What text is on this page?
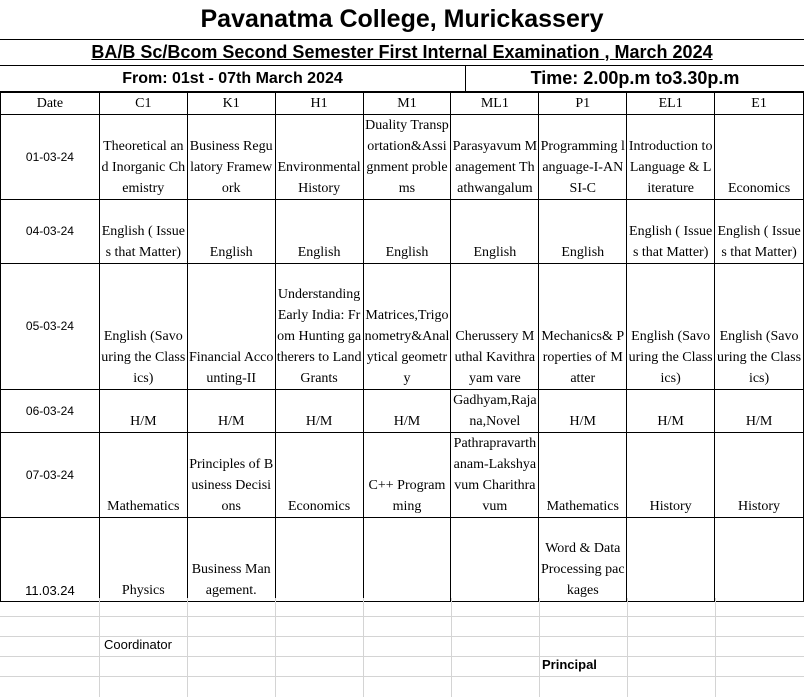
Pavanatma College, Murickassery
BA/B Sc/Bcom Second Semester First Internal Examination , March 2024
From: 01st - 07th March 2024	Time: 2.00p.m to3.30p.m
Date	C1	K1	H1	M1	ML1	P1	EL1	E1
01-03-24	Theoretical and Inorganic Chemistry	Business Regulatory Framework	Environmental History	Duality Transportation&Assignment problems	Parasyavum Management Thathwangalum	Programming language-I-ANSI-C	Introduction to Language & Literature	Economics
04-03-24	English ( Issues that Matter)	English	English	English	English	English	English ( Issues that Matter)	English ( Issues that Matter)
05-03-24	English (Savouring the Classics)	Financial Accounting-II	Understanding Early India: From Hunting gatherers to Land Grants	Matrices,Trigonometry&Analytical geometry	Cherussery Muthal Kavithrayam vare	Mechanics& Properties of Matter	English (Savouring the Classics)	English (Savouring the Classics)
06-03-24	H/M	H/M	H/M	H/M	Gadhyam,Rajana,Novel	H/M	H/M	H/M
07-03-24	Mathematics	Principles of Business Decisions	Economics	C++ Programming	Pathrapravarthanam-Lakshyavum Charithravum	Mathematics	History	History
11.03.24	Physics	Business Management.				Word & Data Processing packages		
Coordinator
Principal
